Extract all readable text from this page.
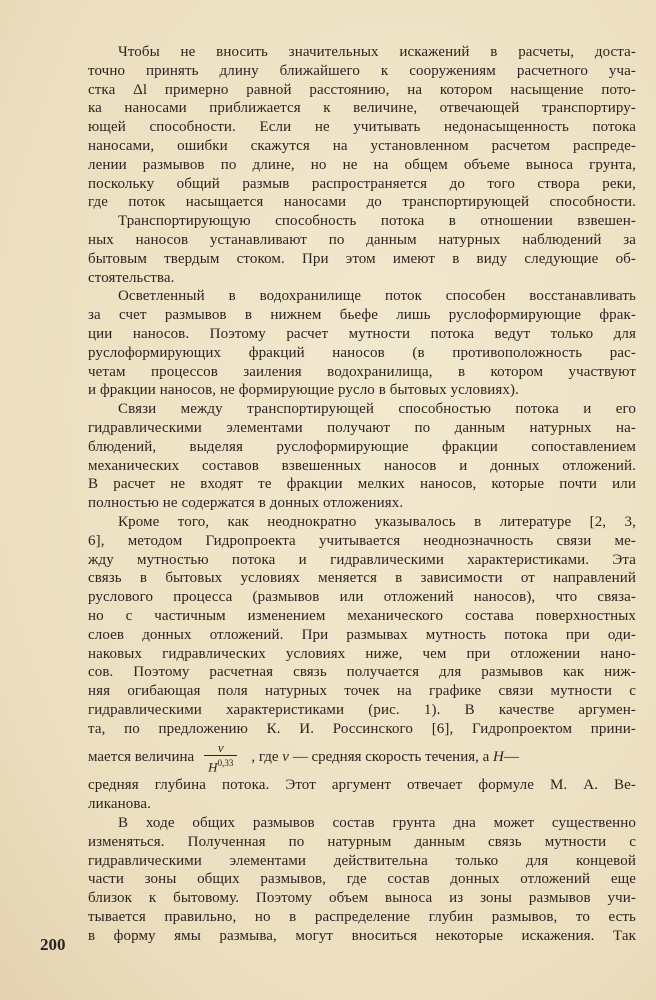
Чтобы не вносить значительных искажений в расчеты, доста-
точно принять длину ближайшего к сооружениям расчетного уча-
стка Δl примерно равной расстоянию, на котором насыщение пото-
ка наносами приближается к величине, отвечающей транспортиру-
ющей способности. Если не учитывать недонасыщенность потока
наносами, ошибки скажутся на установленном расчетом распреде-
лении размывов по длине, но не на общем объеме выноса грунта,
поскольку общий размыв распространяется до того створа реки,
где поток насыщается наносами до транспортирующей способности.
Транспортирующую способность потока в отношении взвешен-
ных наносов устанавливают по данным натурных наблюдений за
бытовым твердым стоком. При этом имеют в виду следующие об-
стоятельства.
Осветленный в водохранилище поток способен восстанавливать
за счет размывов в нижнем бьефе лишь руслоформирующие фрак-
ции наносов. Поэтому расчет мутности потока ведут только для
руслоформирующих фракций наносов (в противоположность рас-
четам процессов заиления водохранилища, в котором участвуют
и фракции наносов, не формирующие русло в бытовых условиях).
Связи между транспортирующей способностью потока и его
гидравлическими элементами получают по данным натурных на-
блюдений, выделяя руслоформирующие фракции сопоставлением
механических составов взвешенных наносов и донных отложений.
В расчет не входят те фракции мелких наносов, которые почти или
полностью не содержатся в донных отложениях.
Кроме того, как неоднократно указывалось в литературе [2, 3,
6], методом Гидропроекта учитывается неоднозначность связи ме-
жду мутностью потока и гидравлическими характеристиками. Эта
связь в бытовых условиях меняется в зависимости от направлений
руслового процесса (размывов или отложений наносов), что связа-
но с частичным изменением механического состава поверхностных
слоев донных отложений. При размывах мутность потока при оди-
наковых гидравлических условиях ниже, чем при отложении нано-
сов. Поэтому расчетная связь получается для размывов как ниж-
няя огибающая поля натурных точек на графике связи мутности с
гидравлическими характеристиками (рис. 1). В качестве аргумен-
та, по предложению К. И. Россинского [6], Гидропроектом прини-
мается величина $\frac{v}{H^{0,33}}$ , где v — средняя скорость течения, а H —
средняя глубина потока. Этот аргумент отвечает формуле М. А. Ве-
ликанова.
В ходе общих размывов состав грунта дна может существенно
изменяться. Полученная по натурным данным связь мутности с
гидравлическими элементами действительна только для концевой
части зоны общих размывов, где состав донных отложений еще
близок к бытовому. Поэтому объем выноса из зоны размывов учи-
тывается правильно, но в распределение глубин размывов, то есть
в форму ямы размыва, могут вноситься некоторые искажения. Так
200
